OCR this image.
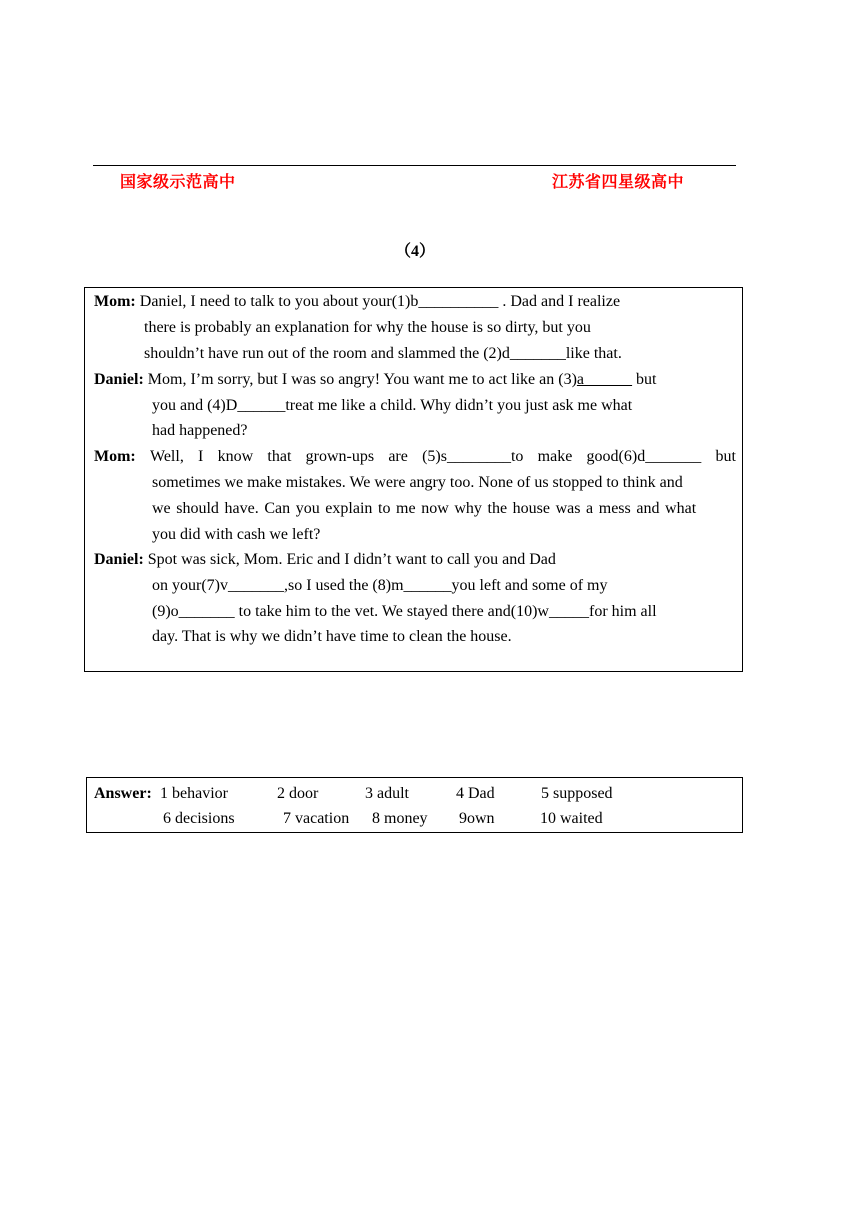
国家级示范高中	江苏省四星级高中
（4）
Mom: Daniel, I need to talk to you about your(1)b__________ . Dad and I realize
there is probably an explanation for why the house is so dirty, but you
shouldn’t have run out of the room and slammed the (2)d_______like that.
Daniel: Mom, I’m sorry, but I was so angry! You want me to act like an (3)a______ but
you and (4)D______treat me like a child. Why didn’t you just ask me what
had happened?
Mom: Well, I know that grown-ups are (5)s________to make good(6)d_______ but
sometimes we make mistakes. We were angry too. None of us stopped to think and
we should have. Can you explain to me now why the house was a mess and what
you did with cash we left?
Daniel: Spot was sick, Mom. Eric and I didn’t want to call you and Dad
on your(7)v_______,so I used the (8)m______you left and some of my
(9)o_______ to take him to the vet. We stayed there and(10)w_____for him all
day. That is why we didn’t have time to clean the house.
Answer: 1 behavior	2 door	3 adult	4 Dad	5 supposed
6 decisions	7 vacation 8 money 9own	10 waited
